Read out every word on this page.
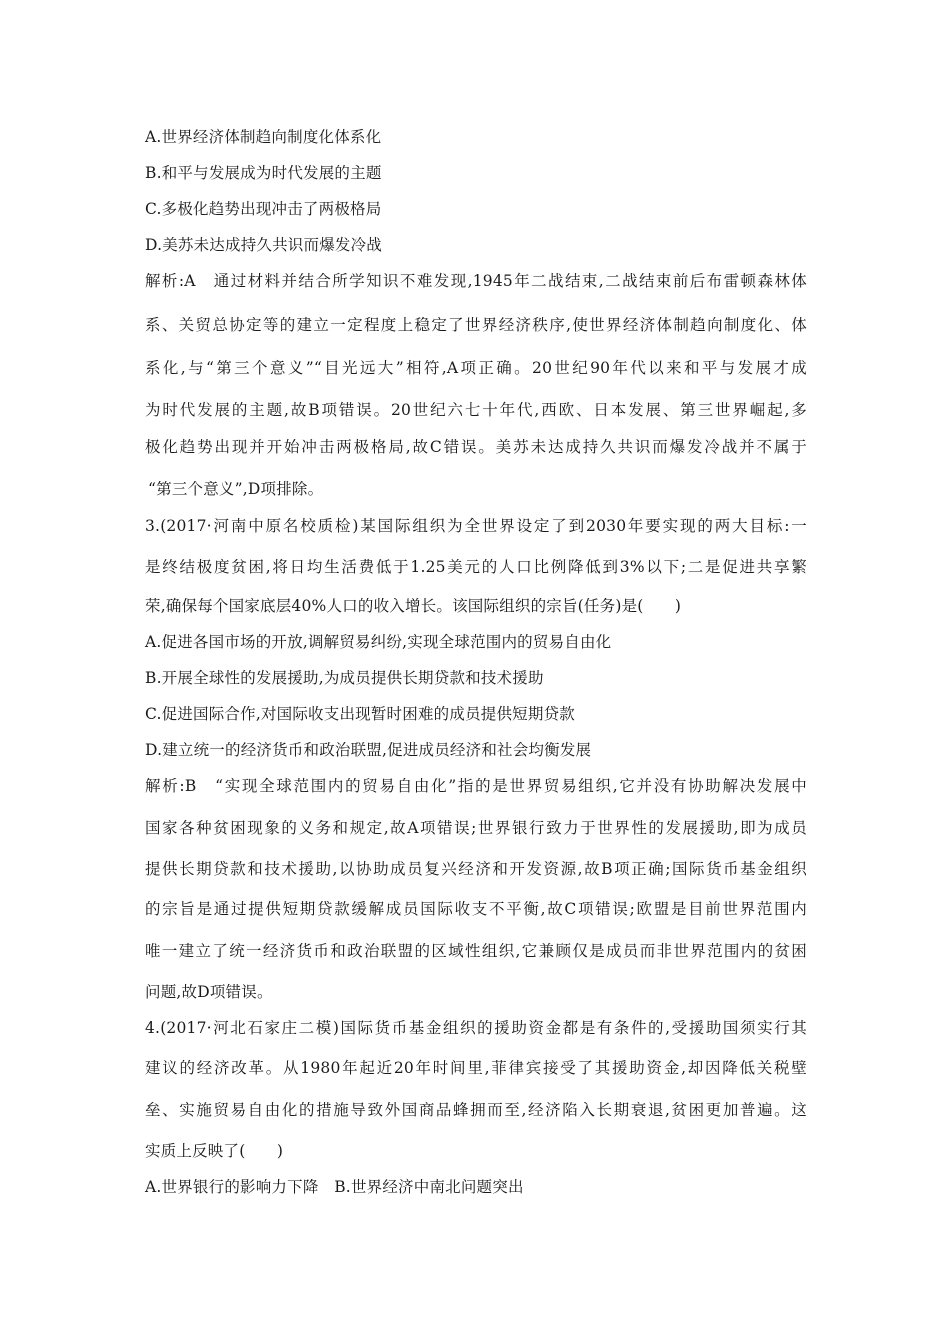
A.世界经济体制趋向制度化体系化
B.和平与发展成为时代发展的主题
C.多极化趋势出现冲击了两极格局
D.美苏未达成持久共识而爆发冷战
解析:A　通过材料并结合所学知识不难发现,1945年二战结束,二战结束前后布雷顿森林体
系、关贸总协定等的建立一定程度上稳定了世界经济秩序,使世界经济体制趋向制度化、体
系化,与“第三个意义”“目光远大”相符,A项正确。20世纪90年代以来和平与发展才成
为时代发展的主题,故B项错误。20世纪六七十年代,西欧、日本发展、第三世界崛起,多
极化趋势出现并开始冲击两极格局,故C错误。美苏未达成持久共识而爆发冷战并不属于
“第三个意义”,D项排除。
3.(2017·河南中原名校质检)某国际组织为全世界设定了到2030年要实现的两大目标:一
是终结极度贫困,将日均生活费低于1.25美元的人口比例降低到3%以下;二是促进共享繁
荣,确保每个国家底层40%人口的收入增长。该国际组织的宗旨(任务)是(　　)
A.促进各国市场的开放,调解贸易纠纷,实现全球范围内的贸易自由化
B.开展全球性的发展援助,为成员提供长期贷款和技术援助
C.促进国际合作,对国际收支出现暂时困难的成员提供短期贷款
D.建立统一的经济货币和政治联盟,促进成员经济和社会均衡发展
解析:B　“实现全球范围内的贸易自由化”指的是世界贸易组织,它并没有协助解决发展中
国家各种贫困现象的义务和规定,故A项错误;世界银行致力于世界性的发展援助,即为成员
提供长期贷款和技术援助,以协助成员复兴经济和开发资源,故B项正确;国际货币基金组织
的宗旨是通过提供短期贷款缓解成员国际收支不平衡,故C项错误;欧盟是目前世界范围内
唯一建立了统一经济货币和政治联盟的区域性组织,它兼顾仅是成员而非世界范围内的贫困
问题,故D项错误。
4.(2017·河北石家庄二模)国际货币基金组织的援助资金都是有条件的,受援助国须实行其
建议的经济改革。从1980年起近20年时间里,菲律宾接受了其援助资金,却因降低关税壁
垒、实施贸易自由化的措施导致外国商品蜂拥而至,经济陷入长期衰退,贫困更加普遍。这
实质上反映了(　　)
A.世界银行的影响力下降　B.世界经济中南北问题突出
